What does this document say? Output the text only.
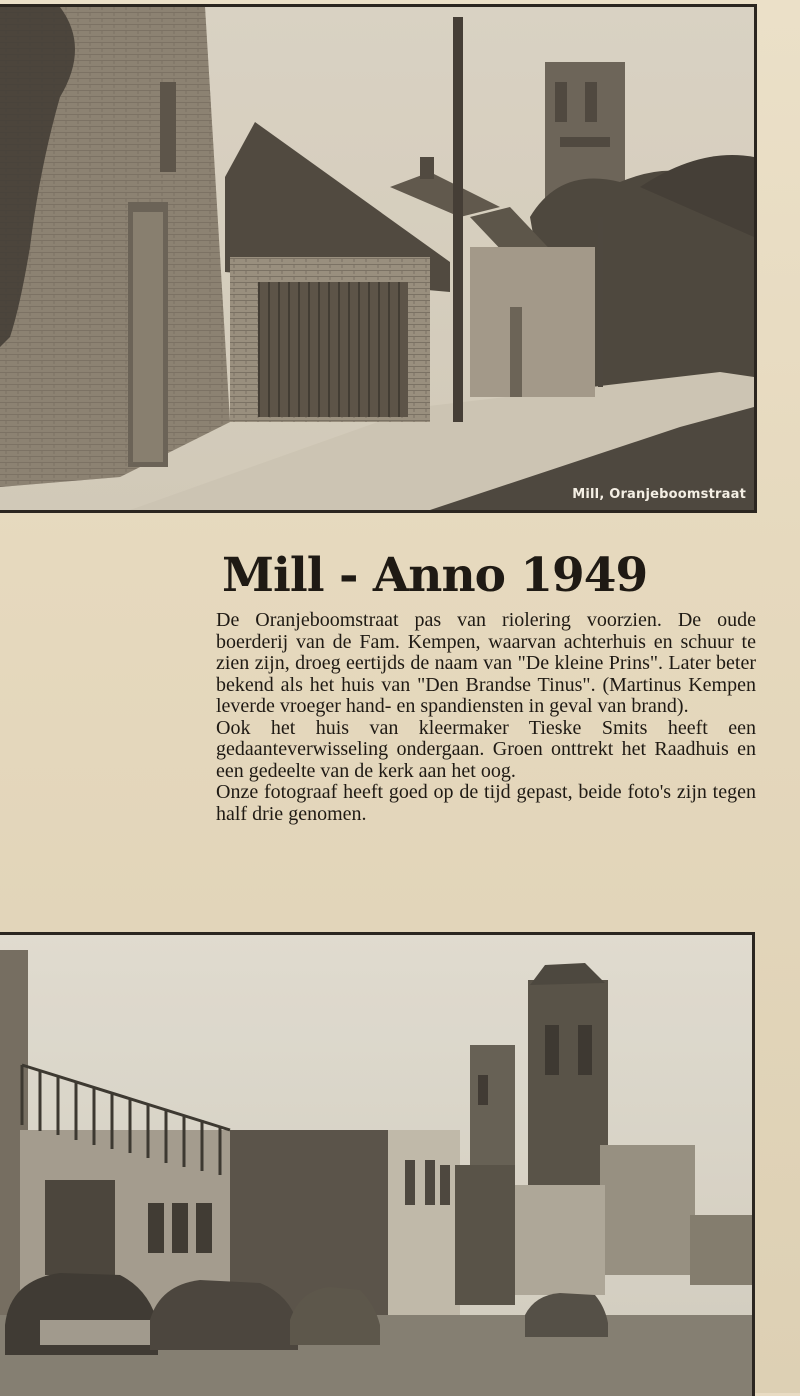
Mill, Oranjeboomstraat
Mill - Anno 1949

De Oranjeboomstraat pas van riolering voorzien. De oude boerderij van de Fam. Kempen, waarvan achterhuis en schuur te zien zijn, droeg eertijds de naam van "De kleine Prins". Later beter bekend als het huis van "Den Brandse Tinus". (Martinus Kempen leverde vroeger hand- en spandiensten in geval van brand).

Ook het huis van kleermaker Tieske Smits heeft een gedaanteverwisseling ondergaan. Groen onttrekt het Raadhuis en een gedeelte van de kerk aan het oog.

Onze fotograaf heeft goed op de tijd gepast, beide foto's zijn tegen half drie genomen.
